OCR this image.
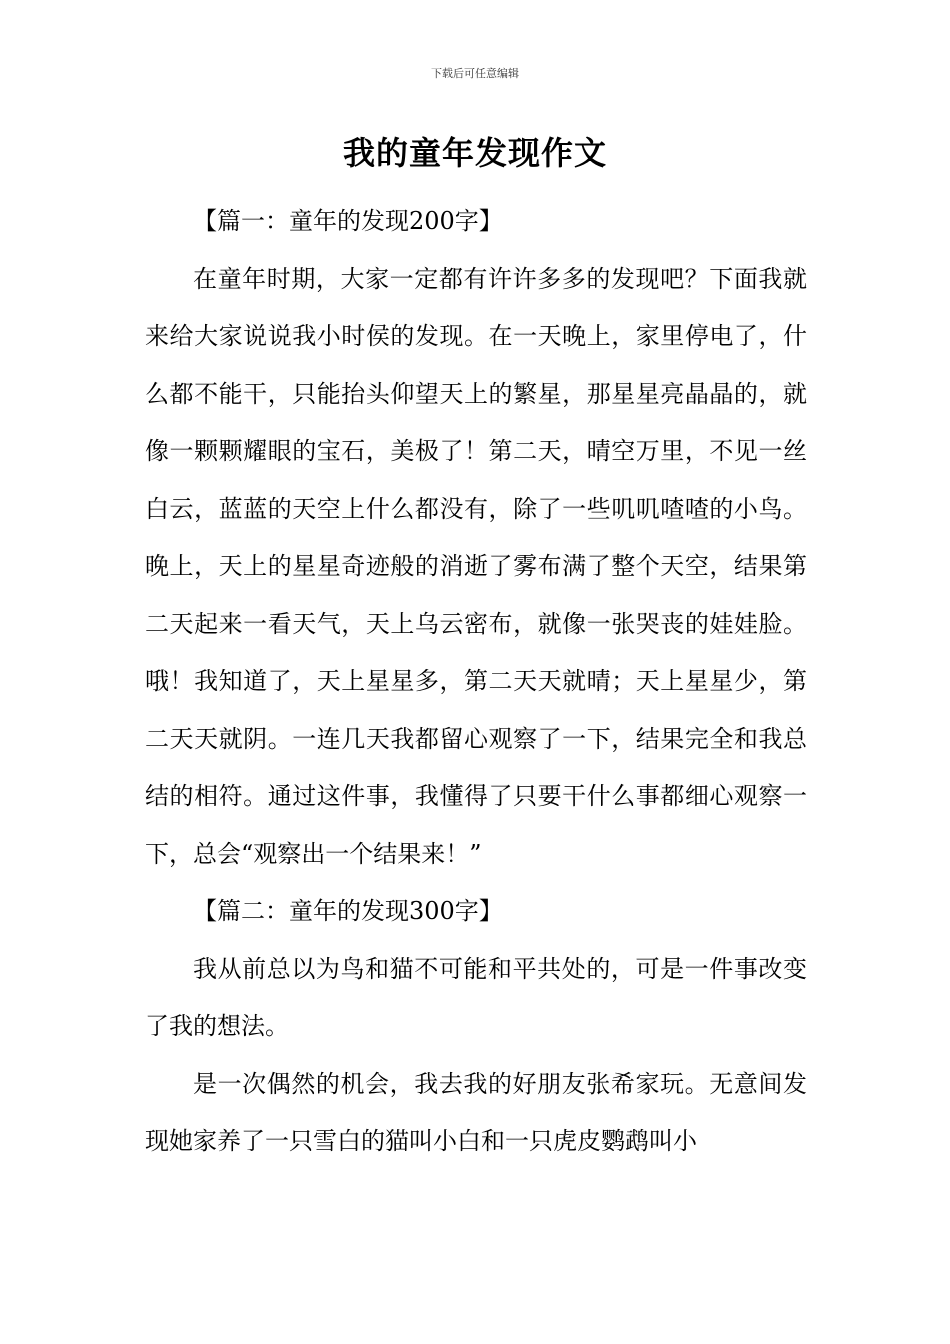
下载后可任意编辑
我的童年发现作文

【篇一：童年的发现200字】

在童年时期，大家一定都有许许多多的发现吧？下面我就来给大家说说我小时侯的发现。在一天晚上，家里停电了，什么都不能干，只能抬头仰望天上的繁星，那星星亮晶晶的，就像一颗颗耀眼的宝石，美极了！第二天，晴空万里，不见一丝白云，蓝蓝的天空上什么都没有，除了一些叽叽喳喳的小鸟。晚上，天上的星星奇迹般的消逝了雾布满了整个天空，结果第二天起来一看天气，天上乌云密布，就像一张哭丧的娃娃脸。哦！我知道了，天上星星多，第二天天就晴；天上星星少，第二天天就阴。一连几天我都留心观察了一下，结果完全和我总结的相符。通过这件事，我懂得了只要干什么事都细心观察一下，总会“观察出一个结果来！”

【篇二：童年的发现300字】

我从前总以为鸟和猫不可能和平共处的，可是一件事改变了我的想法。

是一次偶然的机会，我去我的好朋友张希家玩。无意间发现她家养了一只雪白的猫叫小白和一只虎皮鹦鹉叫小
